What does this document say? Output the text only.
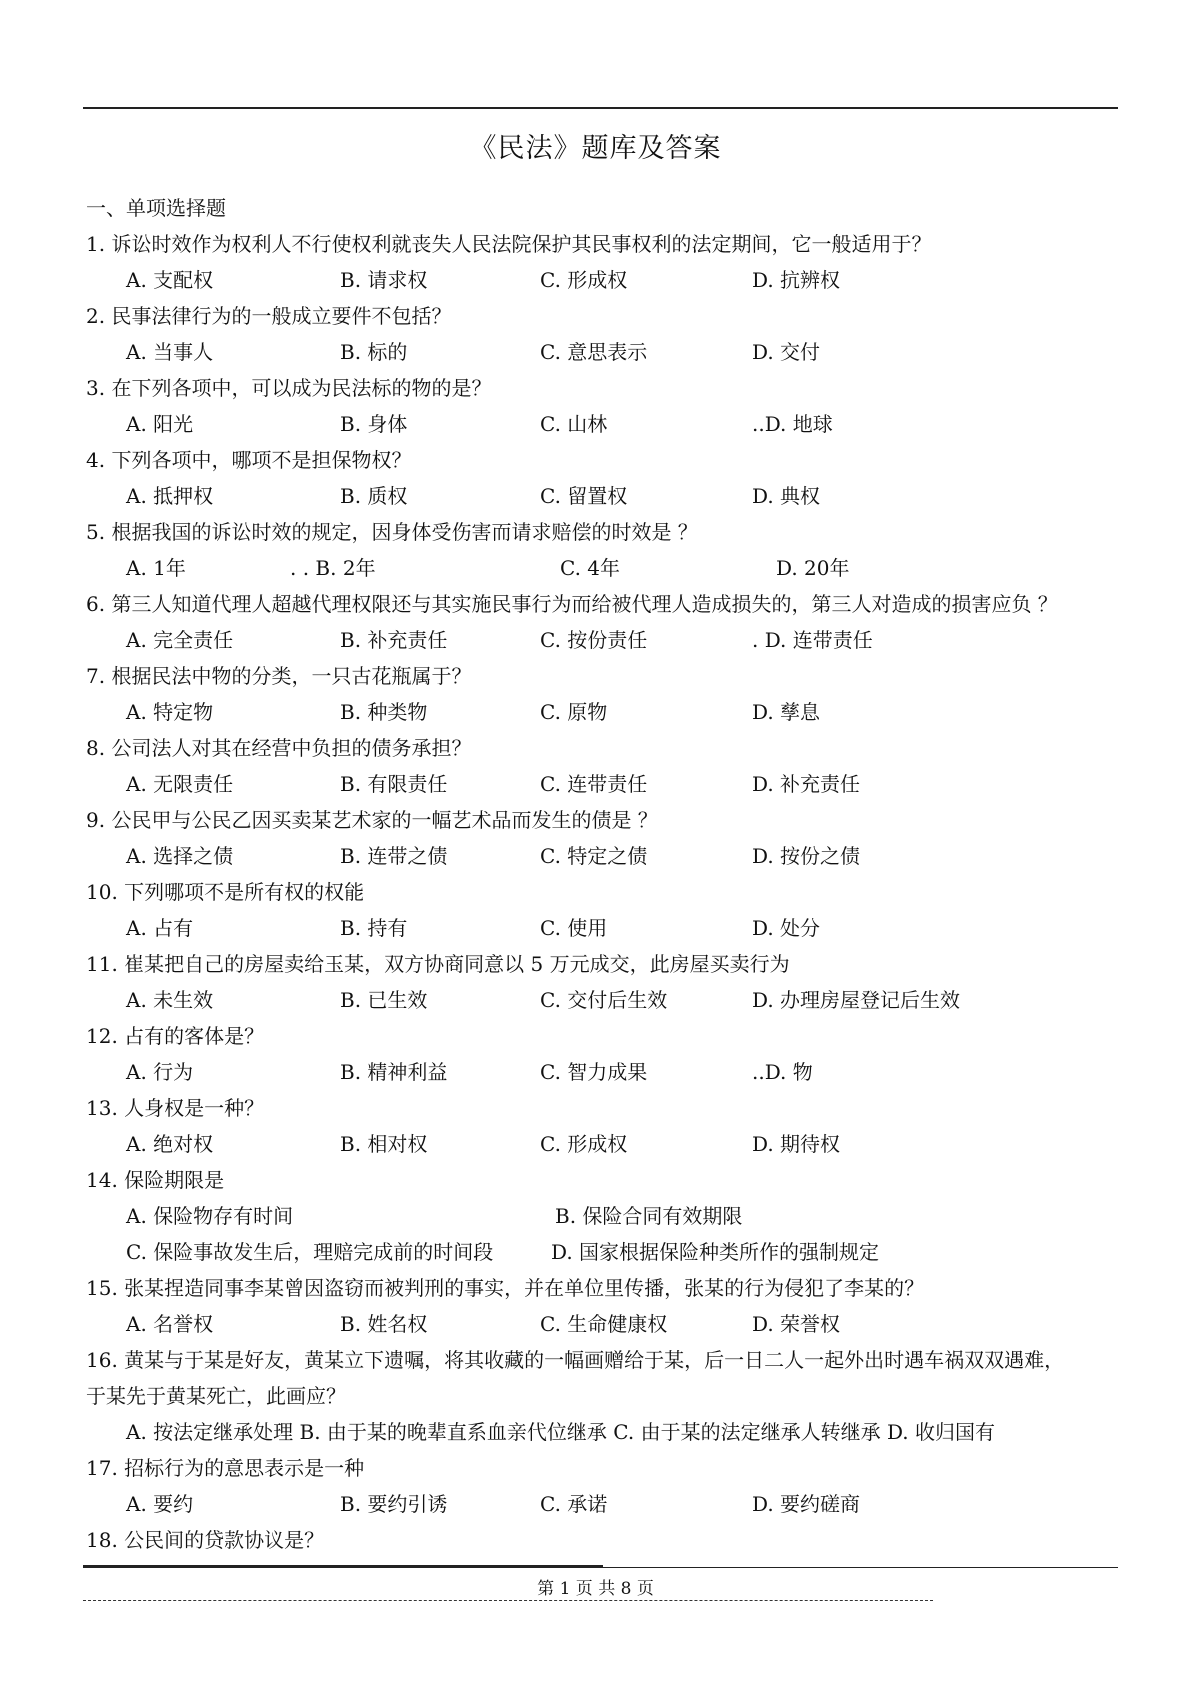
《民法》题库及答案
一、单项选择题
1. 诉讼时效作为权利人不行使权利就丧失人民法院保护其民事权利的法定期间，它一般适用于？
A. 支配权	B. 请求权	C. 形成权	D. 抗辨权
2. 民事法律行为的一般成立要件不包括？
A. 当事人	B. 标的	C. 意思表示	D. 交付
3. 在下列各项中，可以成为民法标的物的是？
A. 阳光	B. 身体	C. 山林	..D. 地球
4. 下列各项中，哪项不是担保物权？
A. 抵押权	B. 质权	C. 留置权	D. 典权
5. 根据我国的诉讼时效的规定，因身体受伤害而请求赔偿的时效是 ？
A. 1年	. . B. 2年	C. 4年	D. 20年
6. 第三人知道代理人超越代理权限还与其实施民事行为而给被代理人造成损失的，第三人对造成的损害应负 ？
A. 完全责任	B. 补充责任	C. 按份责任	. D. 连带责任
7. 根据民法中物的分类，一只古花瓶属于？
A. 特定物	B. 种类物	C. 原物	D. 孳息
8. 公司法人对其在经营中负担的债务承担？
A. 无限责任	B. 有限责任	C. 连带责任	D. 补充责任
9. 公民甲与公民乙因买卖某艺术家的一幅艺术品而发生的债是 ？
A. 选择之债	B. 连带之债	C. 特定之债	D. 按份之债
10. 下列哪项不是所有权的权能
A. 占有	B. 持有	C. 使用	D. 处分
11. 崔某把自己的房屋卖给玉某，双方协商同意以 5 万元成交，此房屋买卖行为
A. 未生效	B. 已生效	C. 交付后生效	D. 办理房屋登记后生效
12. 占有的客体是？
A. 行为	B. 精神利益	C. 智力成果	..D. 物
13. 人身权是一种？
A. 绝对权	B. 相对权	C. 形成权	D. 期待权
14. 保险期限是
A. 保险物存有时间	B. 保险合同有效期限
C. 保险事故发生后，理赔完成前的时间段	D. 国家根据保险种类所作的强制规定
15. 张某捏造同事李某曾因盗窃而被判刑的事实，并在单位里传播，张某的行为侵犯了李某的？
A. 名誉权	B. 姓名权	C. 生命健康权	D. 荣誉权
16. 黄某与于某是好友，黄某立下遗嘱，将其收藏的一幅画赠给于某，后一日二人一起外出时遇车祸双双遇难，
于某先于黄某死亡，此画应？
A. 按法定继承处理 B. 由于某的晚辈直系血亲代位继承 C. 由于某的法定继承人转继承 D. 收归国有
17. 招标行为的意思表示是一种
A. 要约	B. 要约引诱	C. 承诺	D. 要约磋商
18. 公民间的贷款协议是？
第 1 页 共 8 页
